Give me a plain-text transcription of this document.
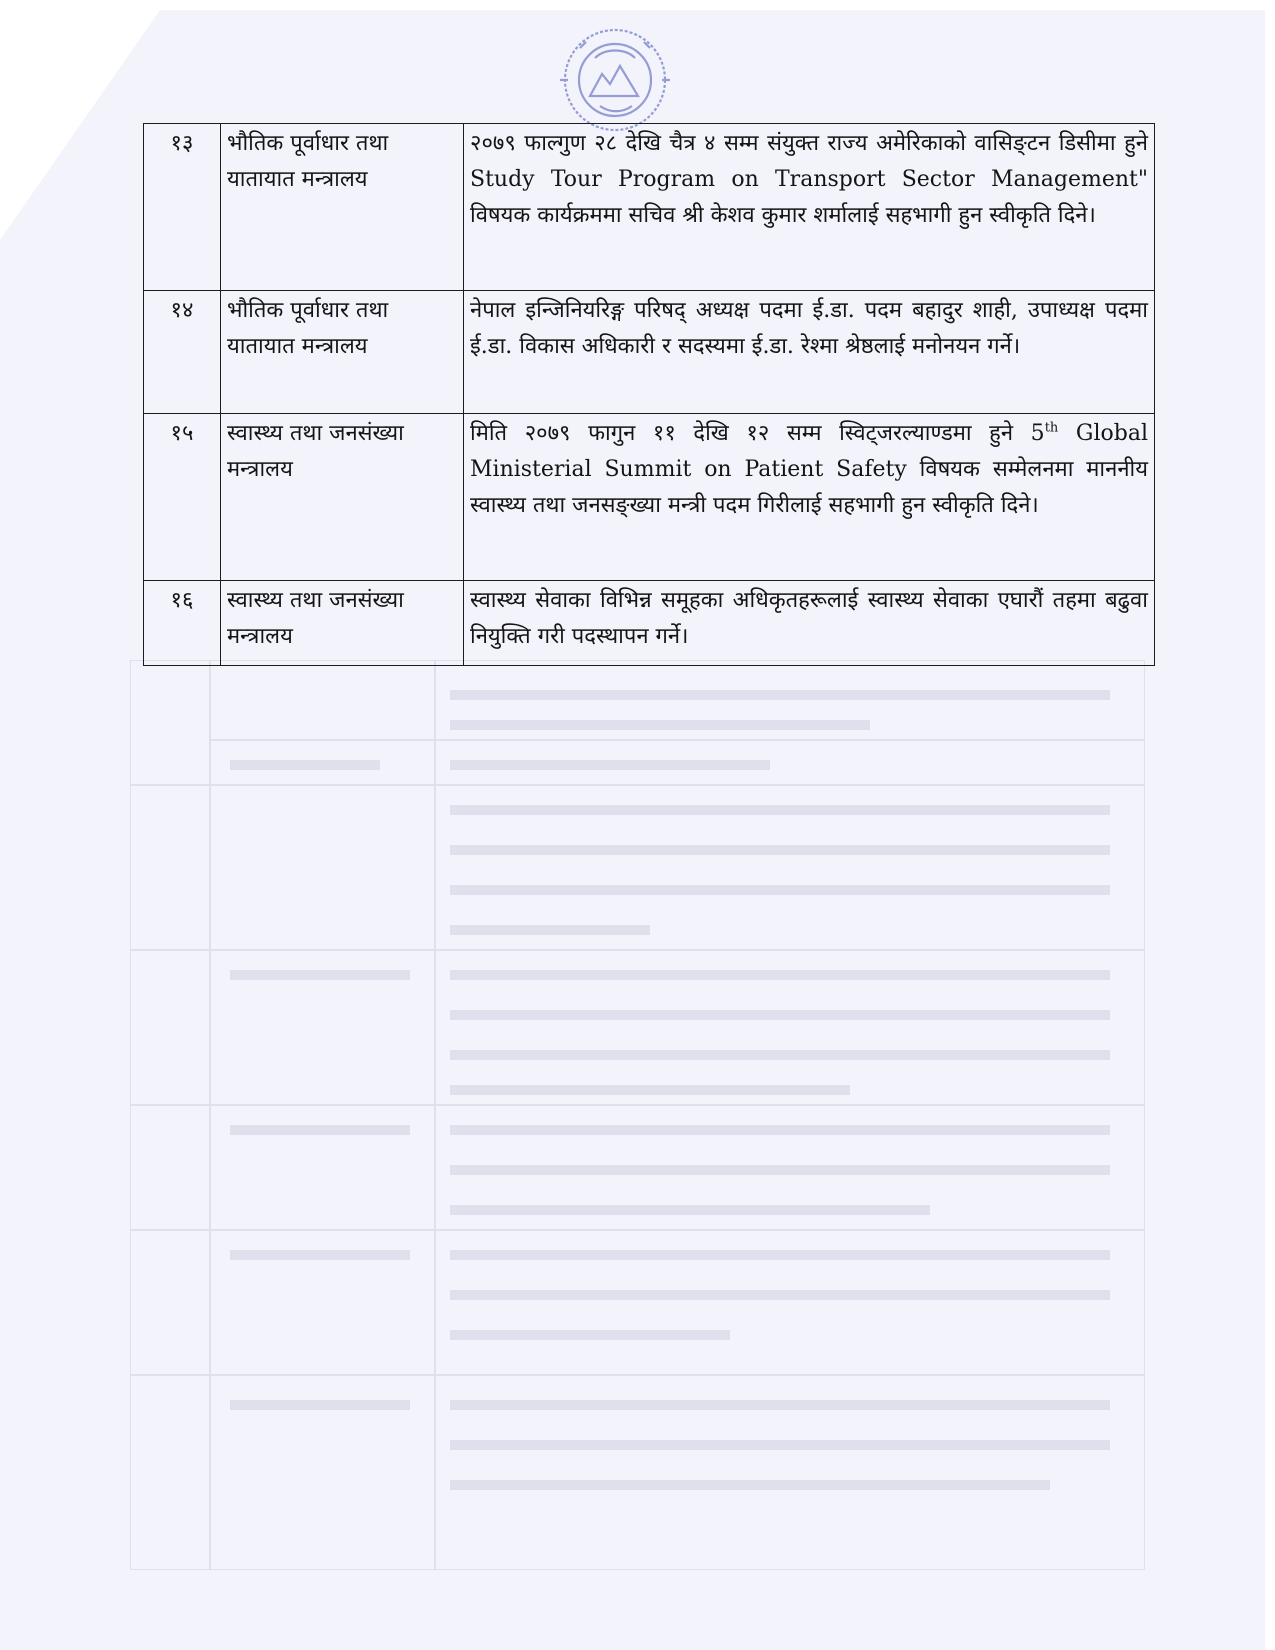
१३	भौतिक पूर्वाधार तथा यातायात मन्त्रालय	२०७९ फाल्गुण २८ देखि चैत्र ४ सम्म संयुक्त राज्य अमेरिकाको वासिङ्टन डिसीमा हुने Study Tour Program on Transport Sector Management" विषयक कार्यक्रममा सचिव श्री केशव कुमार शर्मालाई सहभागी हुन स्वीकृति दिने।
१४	भौतिक पूर्वाधार तथा यातायात मन्त्रालय	नेपाल इन्जिनियरिङ्ग परिषद् अध्यक्ष पदमा ई.डा. पदम बहादुर शाही, उपाध्यक्ष पदमा ई.डा. विकास अधिकारी र सदस्यमा ई.डा. रेश्मा श्रेष्ठलाई मनोनयन गर्ने।
१५	स्वास्थ्य तथा जनसंख्या मन्त्रालय	मिति २०७९ फागुन ११ देखि १२ सम्म स्विट्जरल्याण्डमा हुने 5th Global Ministerial Summit on Patient Safety विषयक सम्मेलनमा माननीय स्वास्थ्य तथा जनसङ्ख्या मन्त्री पदम गिरीलाई सहभागी हुन स्वीकृति दिने।
१६	स्वास्थ्य तथा जनसंख्या मन्त्रालय	स्वास्थ्य सेवाका विभिन्न समूहका अधिकृतहरूलाई स्वास्थ्य सेवाका एघारौं तहमा बढुवा नियुक्ति गरी पदस्थापन गर्ने।
